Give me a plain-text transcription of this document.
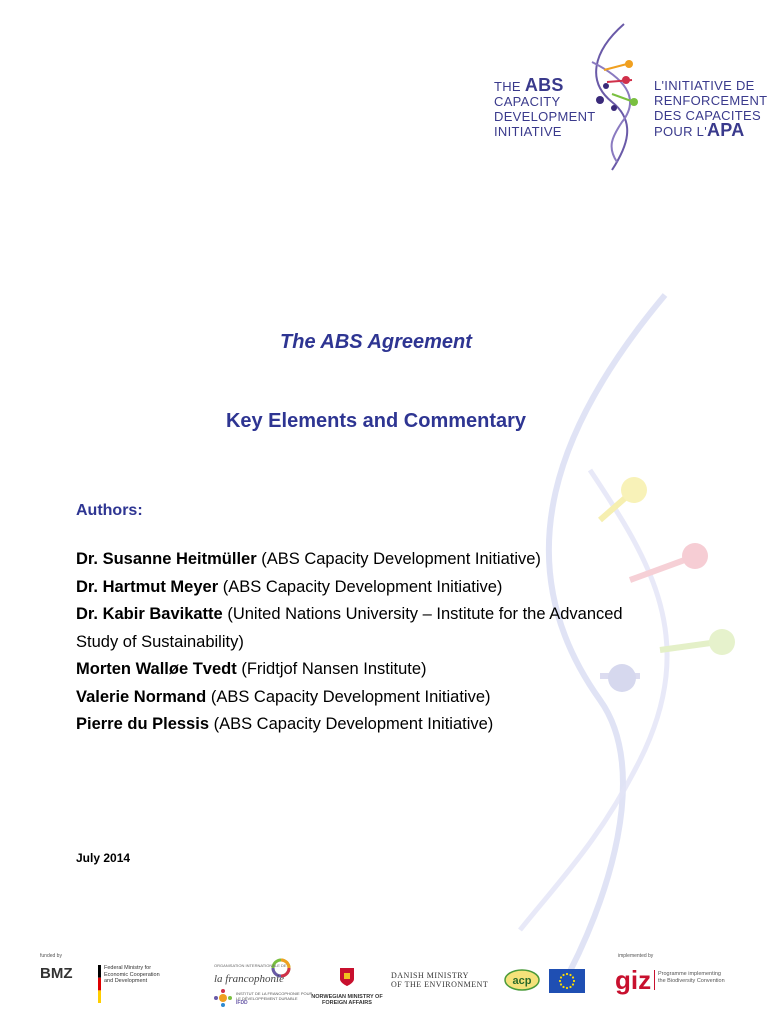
THE ABS
CAPACITY
DEVELOPMENT
INITIATIVE
L'INITIATIVE DE
RENFORCEMENT
DES CAPACITES
POUR L'APA
The ABS Agreement
Key Elements and Commentary
Authors:
Dr. Susanne Heitmüller (ABS Capacity Development Initiative)
Dr. Hartmut Meyer (ABS Capacity Development Initiative)
Dr. Kabir Bavikatte (United Nations University – Institute for the Advanced Study of Sustainability)
Morten Walløe Tvedt (Fridtjof Nansen Institute)
Valerie Normand (ABS Capacity Development Initiative)
Pierre du Plessis (ABS Capacity Development Initiative)
July 2014
funded by
BMZ	Federal Ministry for Economic Cooperation and Development
ORGANISATION INTERNATIONALE DE
la francophonie
INSTITUT DE LA FRANCOPHONIE POUR LE DÉVELOPPEMENT DURABLE
IFDD
NORWEGIAN MINISTRY OF FOREIGN AFFAIRS
DANISH MINISTRY
OF THE ENVIRONMENT acp
implemented by
giz Programme implementing the Biodiversity Convention
